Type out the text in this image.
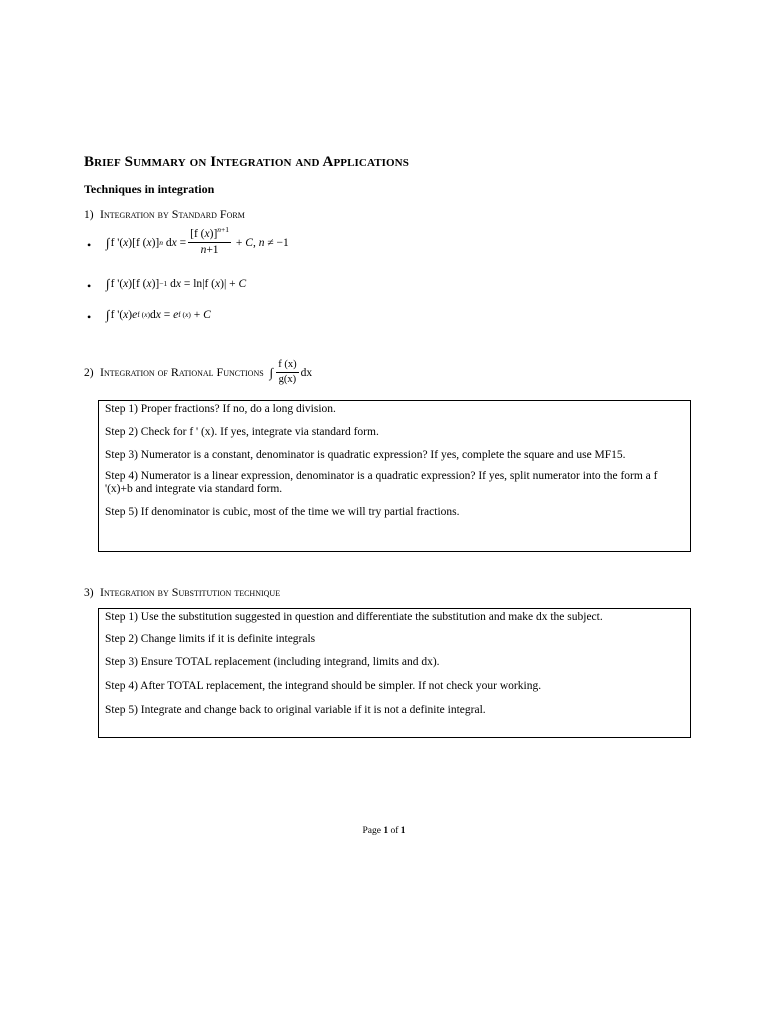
Brief Summary on Integration and Applications
Techniques in integration
1) Integration by Standard Form
• ∫ f '( x )[f ( x )] n d $x = \frac{[f (x)]^{n+1}}{n+1} + C$ , n ≠ −1
• ∫ f '( x )[f ( x )] −1 d x = ln|f ( x )| + C
• ∫ f '( x ) e f (x) d x = e f (x) + C
2) Integration of Rational Functions ∫ $\frac{f (x)}{g(x)}$ dx

Step 1) Proper fractions? If no, do a long division.

Step 2) Check for f ' (x). If yes, integrate via standard form.

Step 3) Numerator is a constant, denominator is quadratic expression? If yes, complete the square and use MF15.

Step 4) Numerator is a linear expression, denominator is a quadratic expression? If yes, split numerator into the form a f '(x)+b and integrate via standard form.

Step 5) If denominator is cubic, most of the time we will try partial fractions.

3) Integration by Substitution technique

Step 1) Use the substitution suggested in question and differentiate the substitution and make dx the subject.

Step 2) Change limits if it is definite integrals

Step 3) Ensure TOTAL replacement (including integrand, limits and dx).

Step 4) After TOTAL replacement, the integrand should be simpler. If not check your working.

Step 5) Integrate and change back to original variable if it is not a definite integral.

Page 1 of 1
